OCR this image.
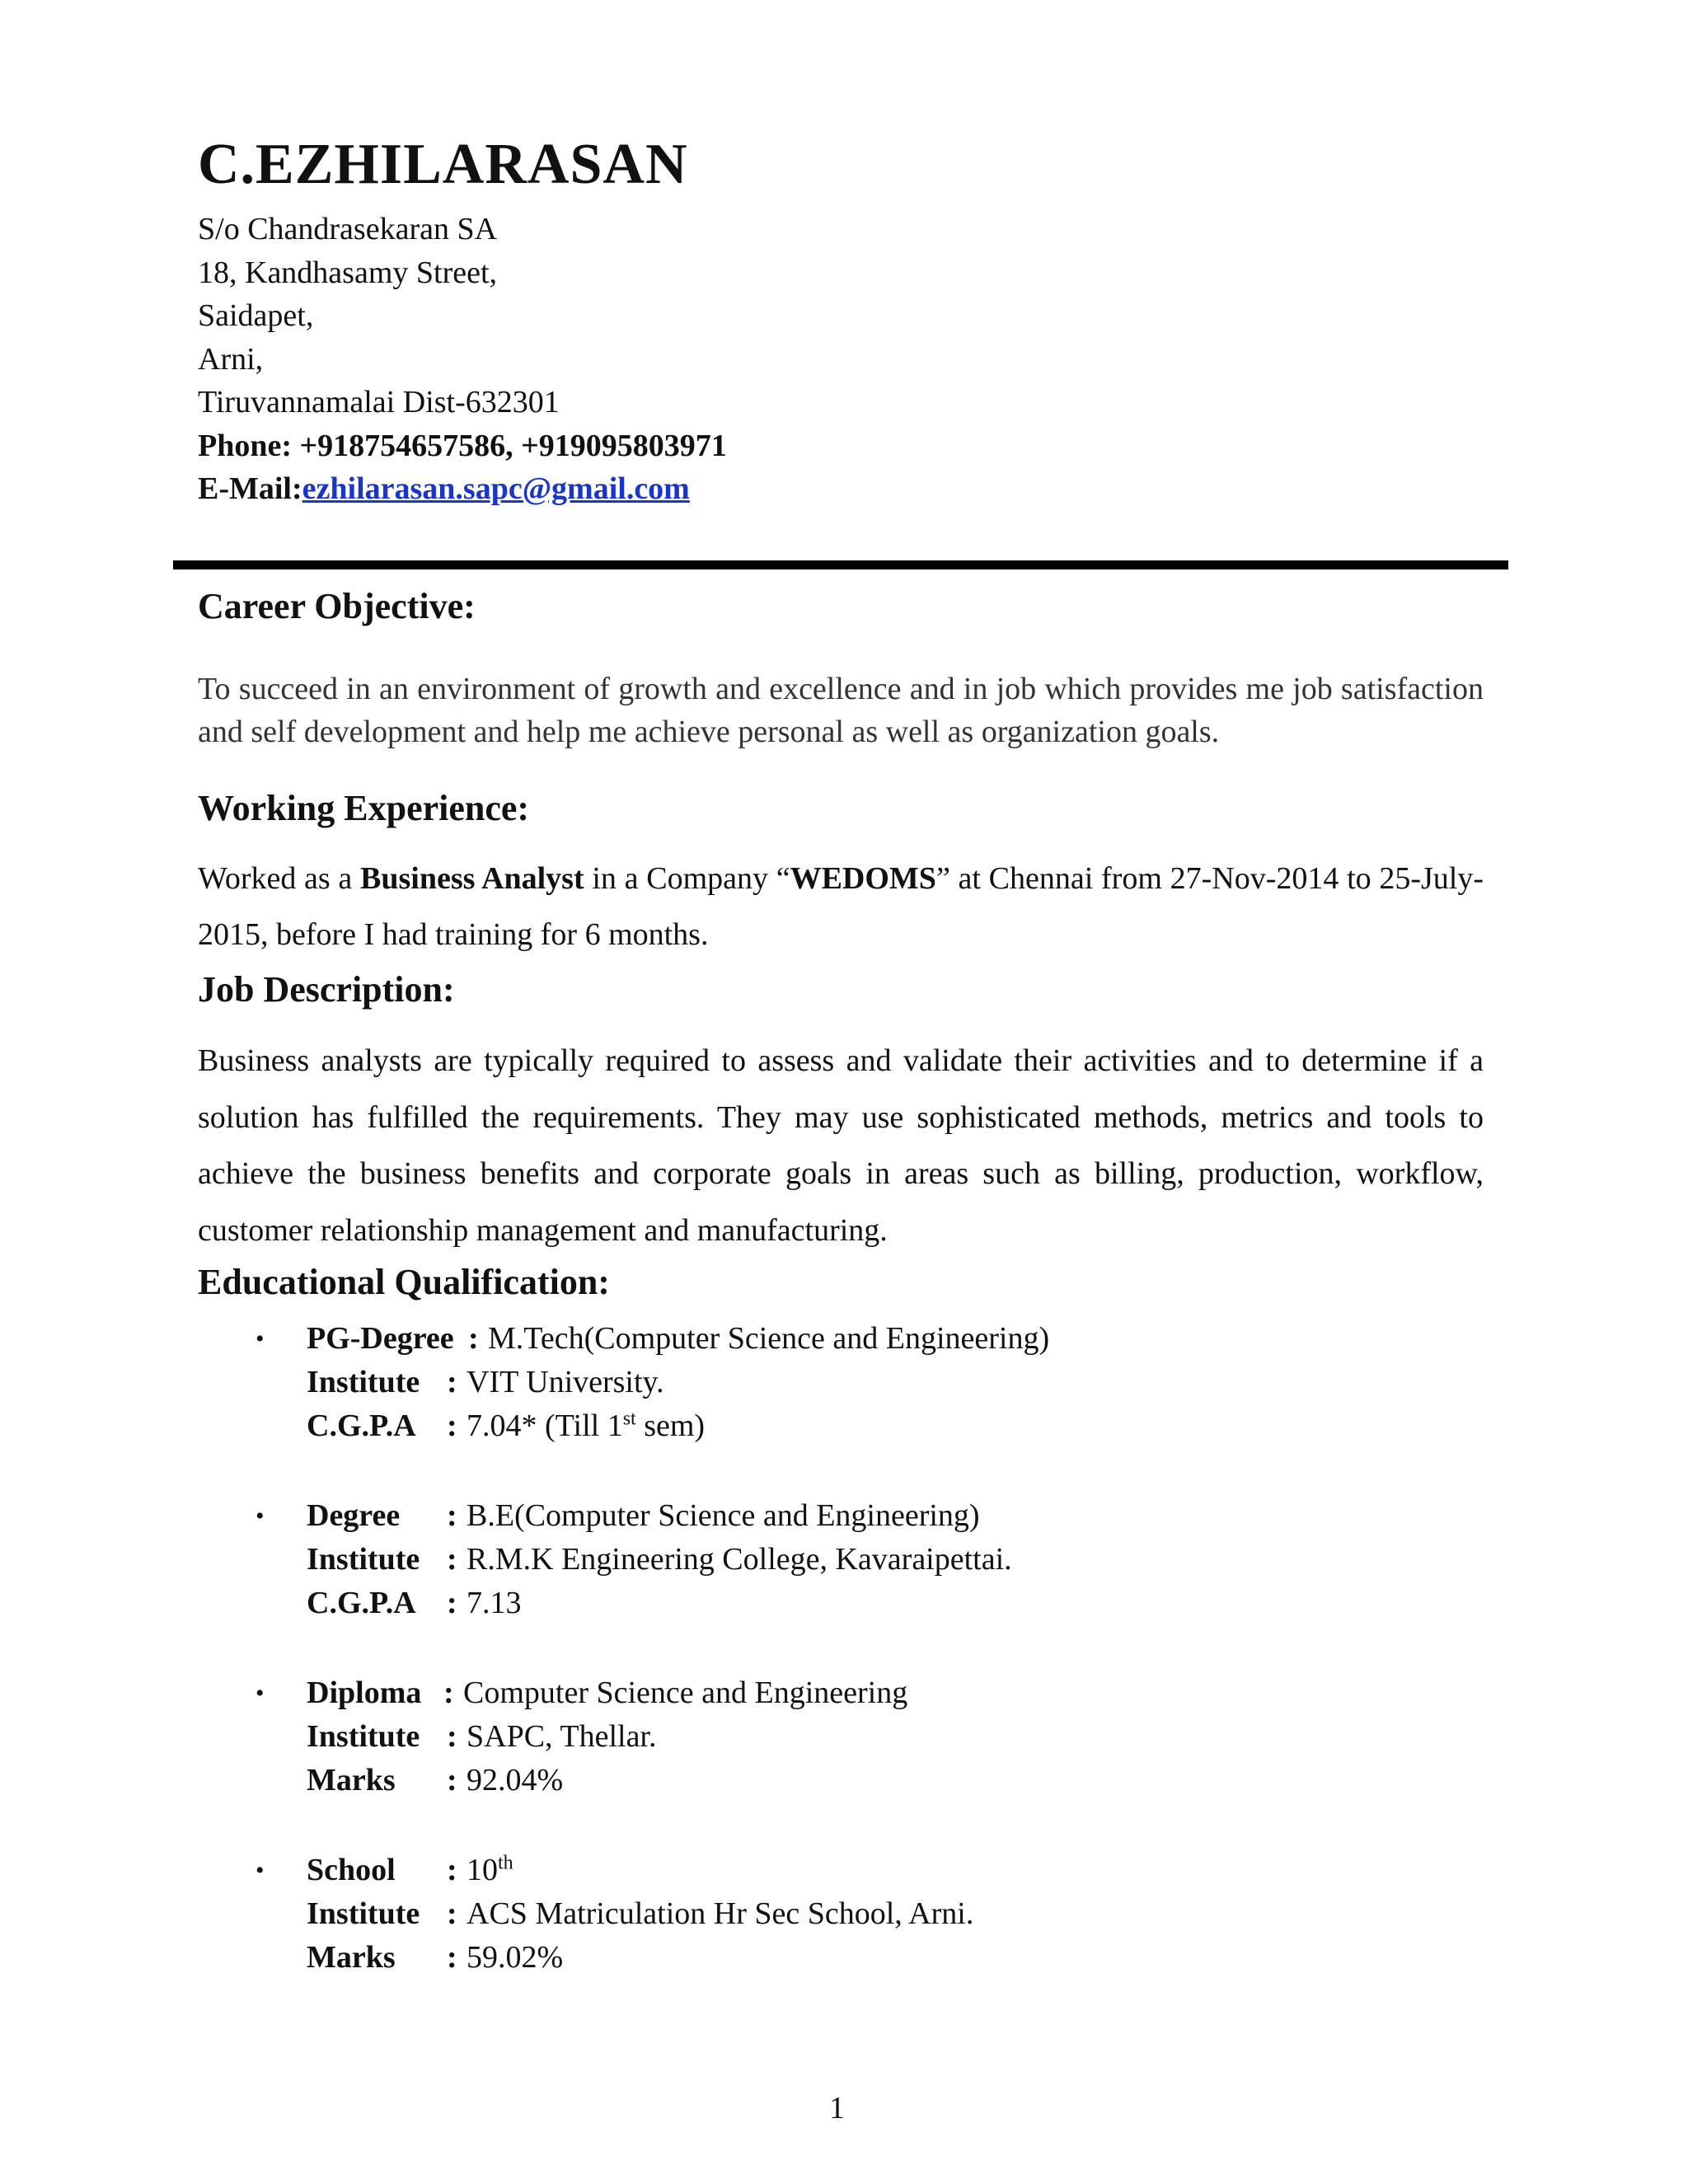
C.EZHILARASAN
S/o Chandrasekaran SA
18, Kandhasamy Street,
Saidapet,
Arni,
Tiruvannamalai Dist-632301
Phone: +918754657586, +919095803971
E-Mail:ezhilarasan.sapc@gmail.com
Career Objective:

To succeed in an environment of growth and excellence and in job which provides me job satisfaction and self development and help me achieve personal as well as organization goals.

Working Experience:

Worked as a Business Analyst in a Company “WEDOMS” at Chennai from 27-Nov-2014 to 25-July-2015, before I had training for 6 months.

Job Description:

Business analysts are typically required to assess and validate their activities and to determine if a solution has fulfilled the requirements. They may use sophisticated methods, metrics and tools to achieve the business benefits and corporate goals in areas such as billing, production, workflow, customer relationship management and manufacturing.

Educational Qualification:
• PG-Degree : M.Tech(Computer Science and Engineering)
Institute : VIT University.
C.G.P.A : 7.04* (Till 1st sem)
• Degree : B.E(Computer Science and Engineering)
Institute : R.M.K Engineering College, Kavaraipettai.
C.G.P.A : 7.13
• Diploma : Computer Science and Engineering
Institute : SAPC, Thellar.
Marks : 92.04%
• School : 10th
Institute : ACS Matriculation Hr Sec School, Arni.
Marks : 59.02%
1
